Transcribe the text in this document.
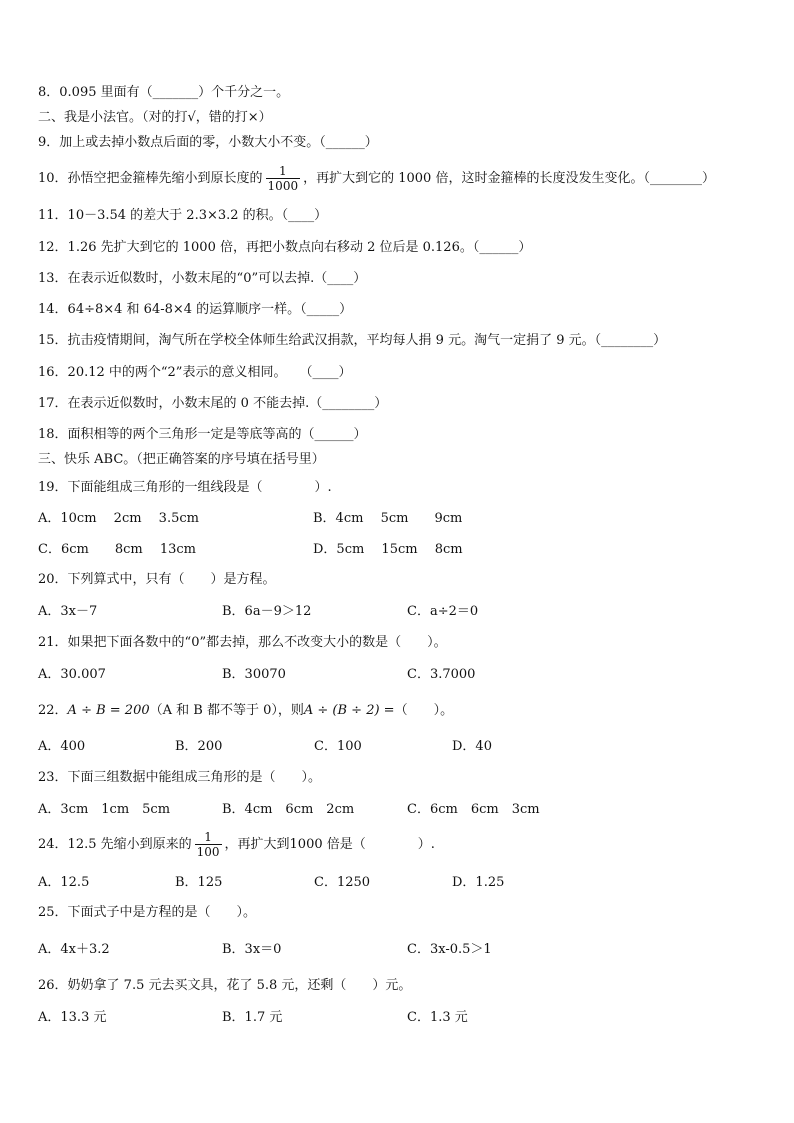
8．0.095 里面有（_______）个千分之一。
二、我是小法官。（对的打√，错的打×）
9．加上或去掉小数点后面的零，小数大小不变。（______）
10．孙悟空把金箍棒先缩小到原长度的 $\frac{1}{1000}$ ，再扩大到它的 1000 倍，这时金箍棒的长度没发生变化。（________）
11．10－3.54 的差大于 2.3×3.2 的积。（____）
12．1.26 先扩大到它的 1000 倍，再把小数点向右移动 2 位后是 0.126。（______）
13．在表示近似数时，小数末尾的“0”可以去掉.（____）
14．64÷8×4 和 64-8×4 的运算顺序一样。（_____）
15．抗击疫情期间，淘气所在学校全体师生给武汉捐款，平均每人捐 9 元。淘气一定捐了 9 元。（________）
16．20.12 中的两个“2”表示的意义相同。　　（____）
17．在表示近似数时，小数末尾的 0 不能去掉.（________）
18．面积相等的两个三角形一定是等底等高的（______）
三、快乐 ABC。（把正确答案的序号填在括号里）
19．下面能组成三角形的一组线段是（　　　　）.
A．10cm　 2cm　 3.5cm	B．4cm　 5cm　　9cm
C．6cm　　8cm　 13cm	D．5cm　 15cm　 8cm
20．下列算式中，只有（　　）是方程。
A．3x－7	B．6a－9＞12	C．a÷2＝0
21．如果把下面各数中的“0”都去掉，那么不改变大小的数是（　　）。
A．30.007	B．30070	C．3.7000
22．A ÷ B = 200（A 和 B 都不等于 0），则A ÷ (B ÷ 2) =（　　）。
A．400	B．200	C．100	D．40
23．下面三组数据中能组成三角形的是（　　）。
A．3cm　1cm　5cm	B．4cm　6cm　2cm	C．6cm　6cm　3cm
24．12.5 先缩小到原来的 $\frac{1}{100}$ ，再扩大到1000 倍是（　　　　）.
A．12.5	B．125	C．1250	D．1.25
25．下面式子中是方程的是（　　）。
A．4x＋3.2	B．3x＝0	C．3x-0.5＞1
26．奶奶拿了 7.5 元去买文具，花了 5.8 元，还剩（　　）元。
A．13.3 元	B．1.7 元	C．1.3 元
